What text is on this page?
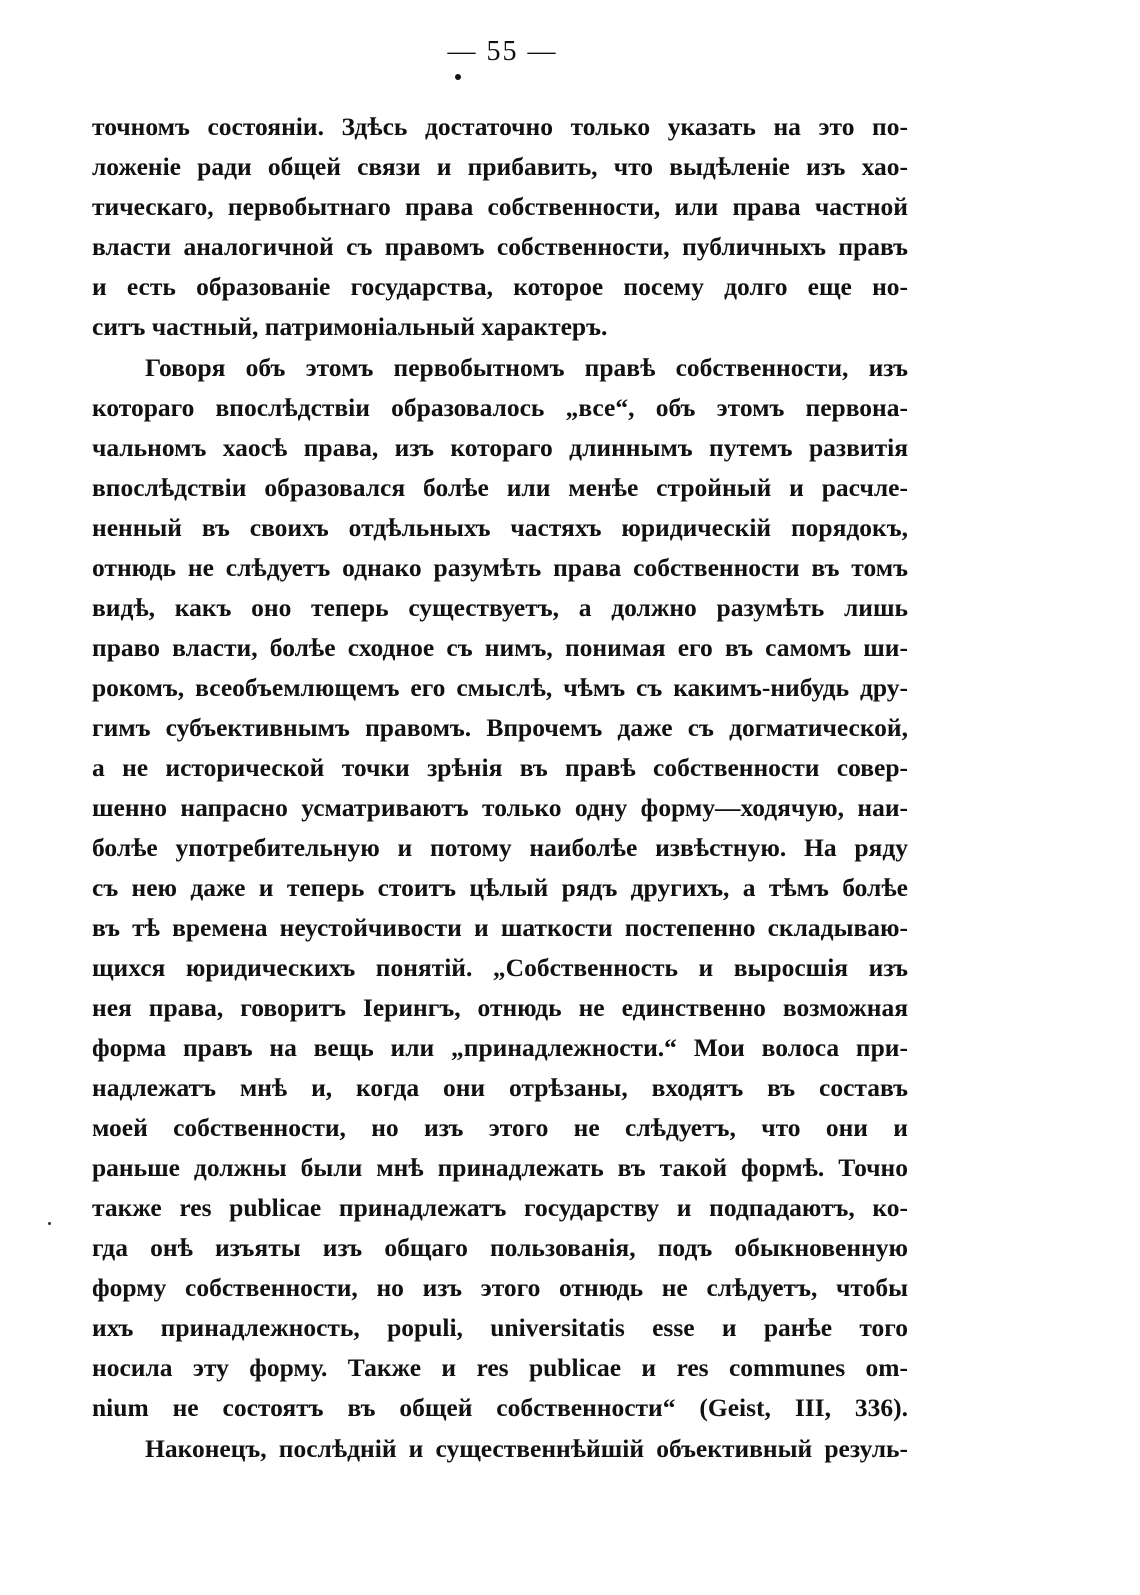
— 55 —
точномъ состоянiи. Здѣсь достаточно только указать на это по-
ложенiе ради общей связи и прибавить, что выдѣленiе изъ хао-
тическаго, первобытнаго права собственности, или права частной
власти аналогичной съ правомъ собственности, публичныхъ правъ
и есть образованiе государства, которое посему долго еще но-
ситъ частный, патримонiальный характеръ.
Говоря объ этомъ первобытномъ правѣ собственности, изъ
котораго впослѣдствiи образовалось „все“, объ этомъ первона-
чальномъ хаосѣ права, изъ котораго длиннымъ путемъ развитiя
впослѣдствiи образовался болѣе или менѣе стройный и расчле-
ненный въ своихъ отдѣльныхъ частяхъ юридическiй порядокъ,
отнюдь не слѣдуетъ однако разумѣть права собственности въ томъ
видѣ, какъ оно теперь существуетъ, а должно разумѣть лишь
право власти, болѣе сходное съ нимъ, понимая его въ самомъ ши-
рокомъ, всеобъемлющемъ его смыслѣ, чѣмъ съ какимъ-нибудь дру-
гимъ субъективнымъ правомъ. Впрочемъ даже съ догматической,
а не исторической точки зрѣнiя въ правѣ собственности совер-
шенно напрасно усматриваютъ только одну форму—ходячую, наи-
болѣе употребительную и потому наиболѣе извѣстную. На ряду
съ нею даже и теперь стоитъ цѣлый рядъ другихъ, а тѣмъ болѣе
въ тѣ времена неустойчивости и шаткости постепенно складываю-
щихся юридическихъ понятiй. „Собственность и выросшiя изъ
нея права, говоритъ Iерингъ, отнюдь не единственно возможная
форма правъ на вещь или „принадлежности.“ Мои волоса при-
надлежатъ мнѣ и, когда они отрѣзаны, входятъ въ составъ
моей собственности, но изъ этого не слѣдуетъ, что они и
раньше должны были мнѣ принадлежать въ такой формѣ. Точно
также res publicae принадлежатъ государству и подпадаютъ, ко-
гда онѣ изъяты изъ общаго пользованiя, подъ обыкновенную
форму собственности, но изъ этого отнюдь не слѣдуетъ, чтобы
ихъ принадлежность, populi, universitatis esse и ранѣе того
носила эту форму. Также и res publicae и res communes om-
nium не состоятъ въ общей собственности“ (Geist, III, 336).
Наконецъ, послѣднiй и существеннѣйшiй объективный резуль-
